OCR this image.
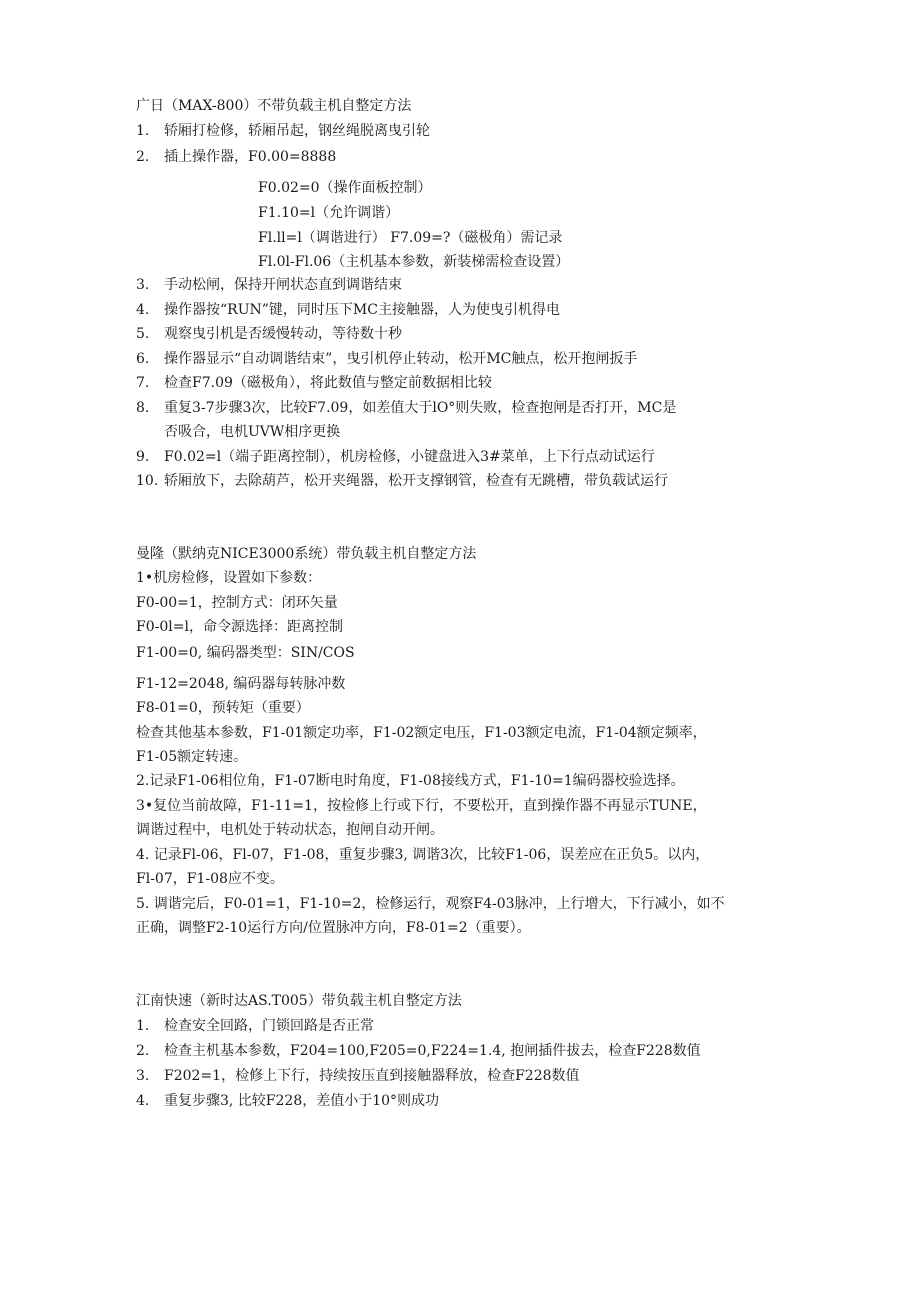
广日（MAX-800）不带负载主机自整定方法
1. 轿厢打检修，轿厢吊起，钢丝绳脱离曳引轮
2. 插上操作器，F0.00=8888
F0.02=0（操作面板控制）
F1.10=l（允许调谐）
Fl.ll=l（调谐进行） F7.09=?（磁极角）需记录
Fl.0l-Fl.06（主机基本参数，新装梯需检查设置）
3. 手动松闸，保持开闸状态直到调谐结束
4. 操作器按“RUN”键，同时压下MC主接触器，人为使曳引机得电
5. 观察曳引机是否缓慢转动，等待数十秒
6. 操作器显示“自动调谐结束”，曳引机停止转动，松开MC触点，松开抱闸扳手
7. 检查F7.09（磁极角），将此数值与整定前数据相比较
8. 重复3-7步骤3次，比较F7.09，如差值大于lO°则失败，检查抱闸是否打开，MC是
否吸合，电机UVW相序更换
9. F0.02=l（端子距离控制），机房检修，小键盘进入3#菜单，上下行点动试运行
10. 轿厢放下，去除葫芦，松开夹绳器，松开支撑钢管，检查有无跳槽，带负载试运行
曼隆（默纳克NICE3000系统）带负载主机自整定方法
1•机房检修，设置如下参数：
F0-00=1，控制方式：闭环矢量
F0-0l=l，命令源选择：距离控制
F1-00=0, 编码器类型：SIN/COS
F1-12=2048, 编码器每转脉冲数
F8-01=0，预转矩（重要）
检查其他基本参数，F1-01额定功率，F1-02额定电压，F1-03额定电流，F1-04额定频率，
F1-05额定转速。
2.记录F1-06相位角，F1-07断电时角度，F1-08接线方式，F1-10=1编码器校验选择。
3•复位当前故障，F1-11=1，按检修上行或下行，不要松开，直到操作器不再显示TUNE，
调谐过程中，电机处于转动状态，抱闸自动开闸。
4. 记录Fl-06，Fl-07，F1-08，重复步骤3, 调谐3次，比较F1-06，误差应在正负5。以内，
Fl-07，F1-08应不变。
5. 调谐完后，F0-01=1，F1-10=2，检修运行，观察F4-03脉冲，上行增大，下行减小，如不
正确，调整F2-10运行方向/位置脉冲方向，F8-01=2（重要）。
江南快速（新时达AS.T005）带负载主机自整定方法
1. 检查安全回路，门锁回路是否正常
2. 检查主机基本参数，F204=100,F205=0,F224=1.4, 抱闸插件拔去，检查F228数值
3. F202=1，检修上下行，持续按压直到接触器释放，检查F228数值
4. 重复步骤3, 比较F228，差值小于10°则成功
